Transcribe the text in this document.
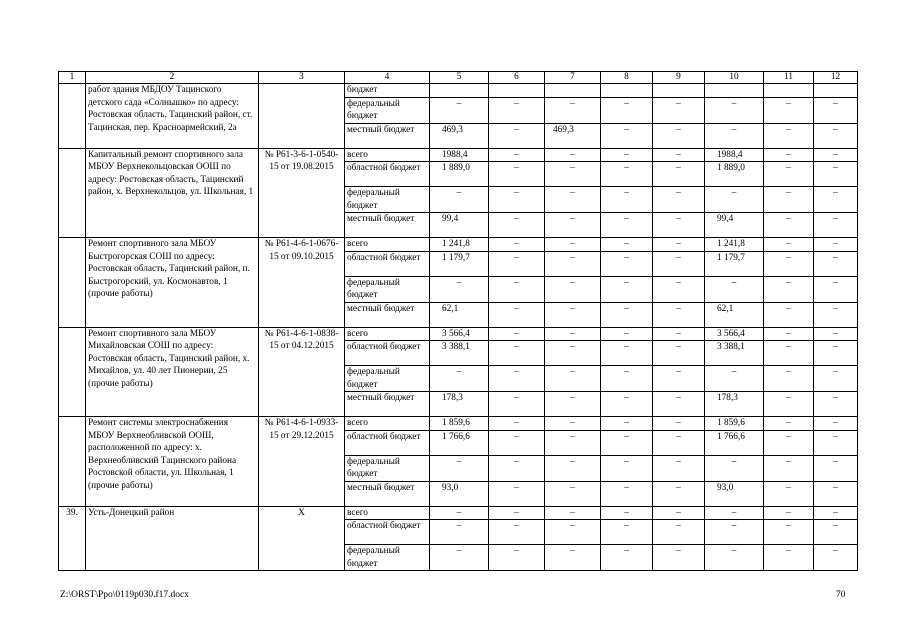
1	2	3	4	5	6	7	8	9	10	11	12
	работ здания МБДОУ Тацинского детского сада «Солнышко» по адресу: Ростовская область, Тацинский район, ст. Тацинская, пер. Красноармейский, 2а		бюджет								
			федеральный бюджет	–	–	–	–	–	–	–	–
			местный бюджет	469,3	–	469,3	–	–	–	–	–
	Капитальный ремонт спортивного зала МБОУ Верхнекольцовская ООШ по адресу: Ростовская область, Тацинский район, х. Верхнекольцов, ул. Школьная, 1	№ Р61-3-6-1-0540-15 от 19.08.2015	всего	1988,4	–	–	–	–	1988,4	–	–
			областной бюджет	1 889,0	–	–	–	–	1 889,0	–	–
			федеральный бюджет	–	–	–	–	–	–	–	–
			местный бюджет	99,4	–	–	–	–	99,4	–	–
	Ремонт спортивного зала МБОУ Быстрогорская СОШ по адресу: Ростовская область, Тацинский район, п. Быстрогорский, ул. Космонавтов, 1 (прочие работы)	№ Р61-4-6-1-0676-15 от 09.10.2015	всего	1 241,8	–	–	–	–	1 241,8	–	–
			областной бюджет	1 179,7	–	–	–	–	1 179,7	–	–
			федеральный бюджет	–	–	–	–	–	–	–	–
			местный бюджет	62,1	–	–	–	–	62,1	–	–
	Ремонт спортивного зала МБОУ Михайловская СОШ по адресу: Ростовская область, Тацинский район, х. Михайлов, ул. 40 лет Пионерии, 25 (прочие работы)	№ Р61-4-6-1-0838-15 от 04.12.2015	всего	3 566,4	–	–	–	–	3 566,4	–	–
			областной бюджет	3 388,1	–	–	–	–	3 388,1	–	–
			федеральный бюджет	–	–	–	–	–	–	–	–
			местный бюджет	178,3	–	–	–	–	178,3	–	–
	Ремонт системы электроснабжения МБОУ Верхнеобливской ООШ, расположенной по адресу: х. Верхнеобливский Тацинского района Ростовской области, ул. Школьная, 1 (прочие работы)	№ Р61-4-6-1-0933-15 от 29.12.2015	всего	1 859,6	–	–	–	–	1 859,6	–	–
			областной бюджет	1 766,6	–	–	–	–	1 766,6	–	–
			федеральный бюджет	–	–	–	–	–	–	–	–
			местный бюджет	93,0	–	–	–	–	93,0	–	–
39.	Усть-Донецкий район	Х	всего	–	–	–	–	–	–	–	–
			областной бюджет	–	–	–	–	–	–	–	–
			федеральный бюджет	–	–	–	–	–	–	–	–
Z:\ORST\Ppo\0119p030.f17.docx	70
